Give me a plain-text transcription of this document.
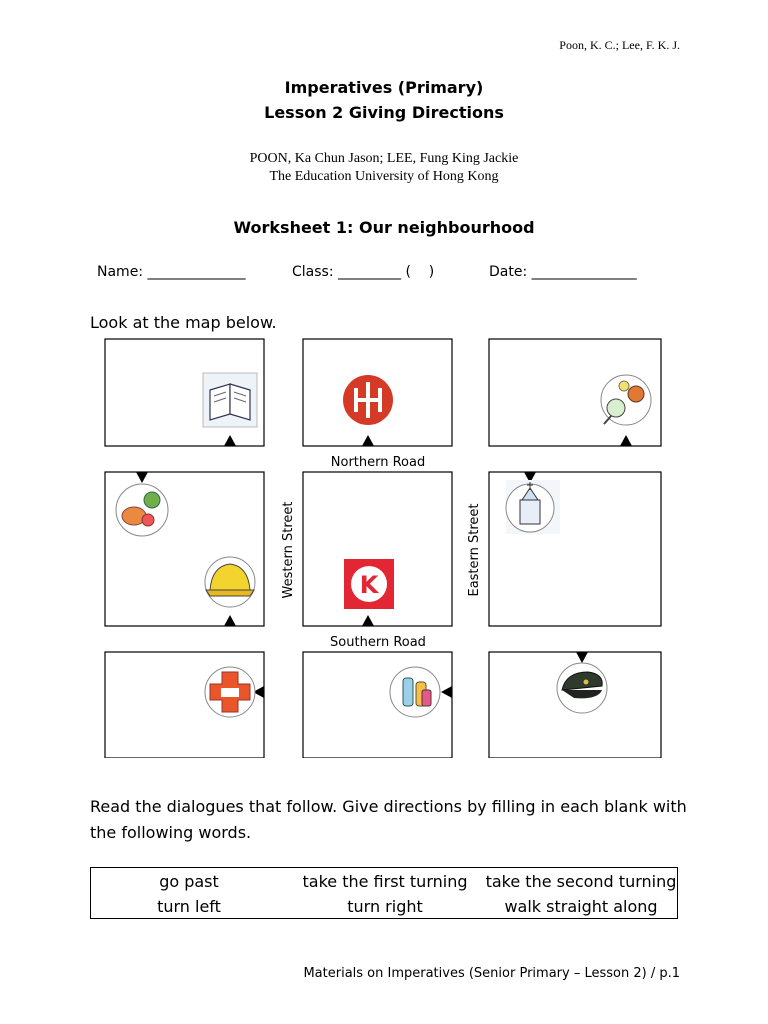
Poon, K. C.; Lee, F. K. J.
Imperatives (Primary)
Lesson 2 Giving Directions
POON, Ka Chun Jason; LEE, Fung King Jackie
The Education University of Hong Kong
Worksheet 1: Our neighbourhood
Name: ______________	Class: _________ (    )	Date: _______________
Look at the map below.
Northern Road
Southern Road
Western Street	Eastern Street
K
Read the dialogues that follow. Give directions by filling in each blank with the following words.
go past	take the first turning	take the second turning
turn left	turn right	walk straight along
Materials on Imperatives (Senior Primary – Lesson 2) / p.1
